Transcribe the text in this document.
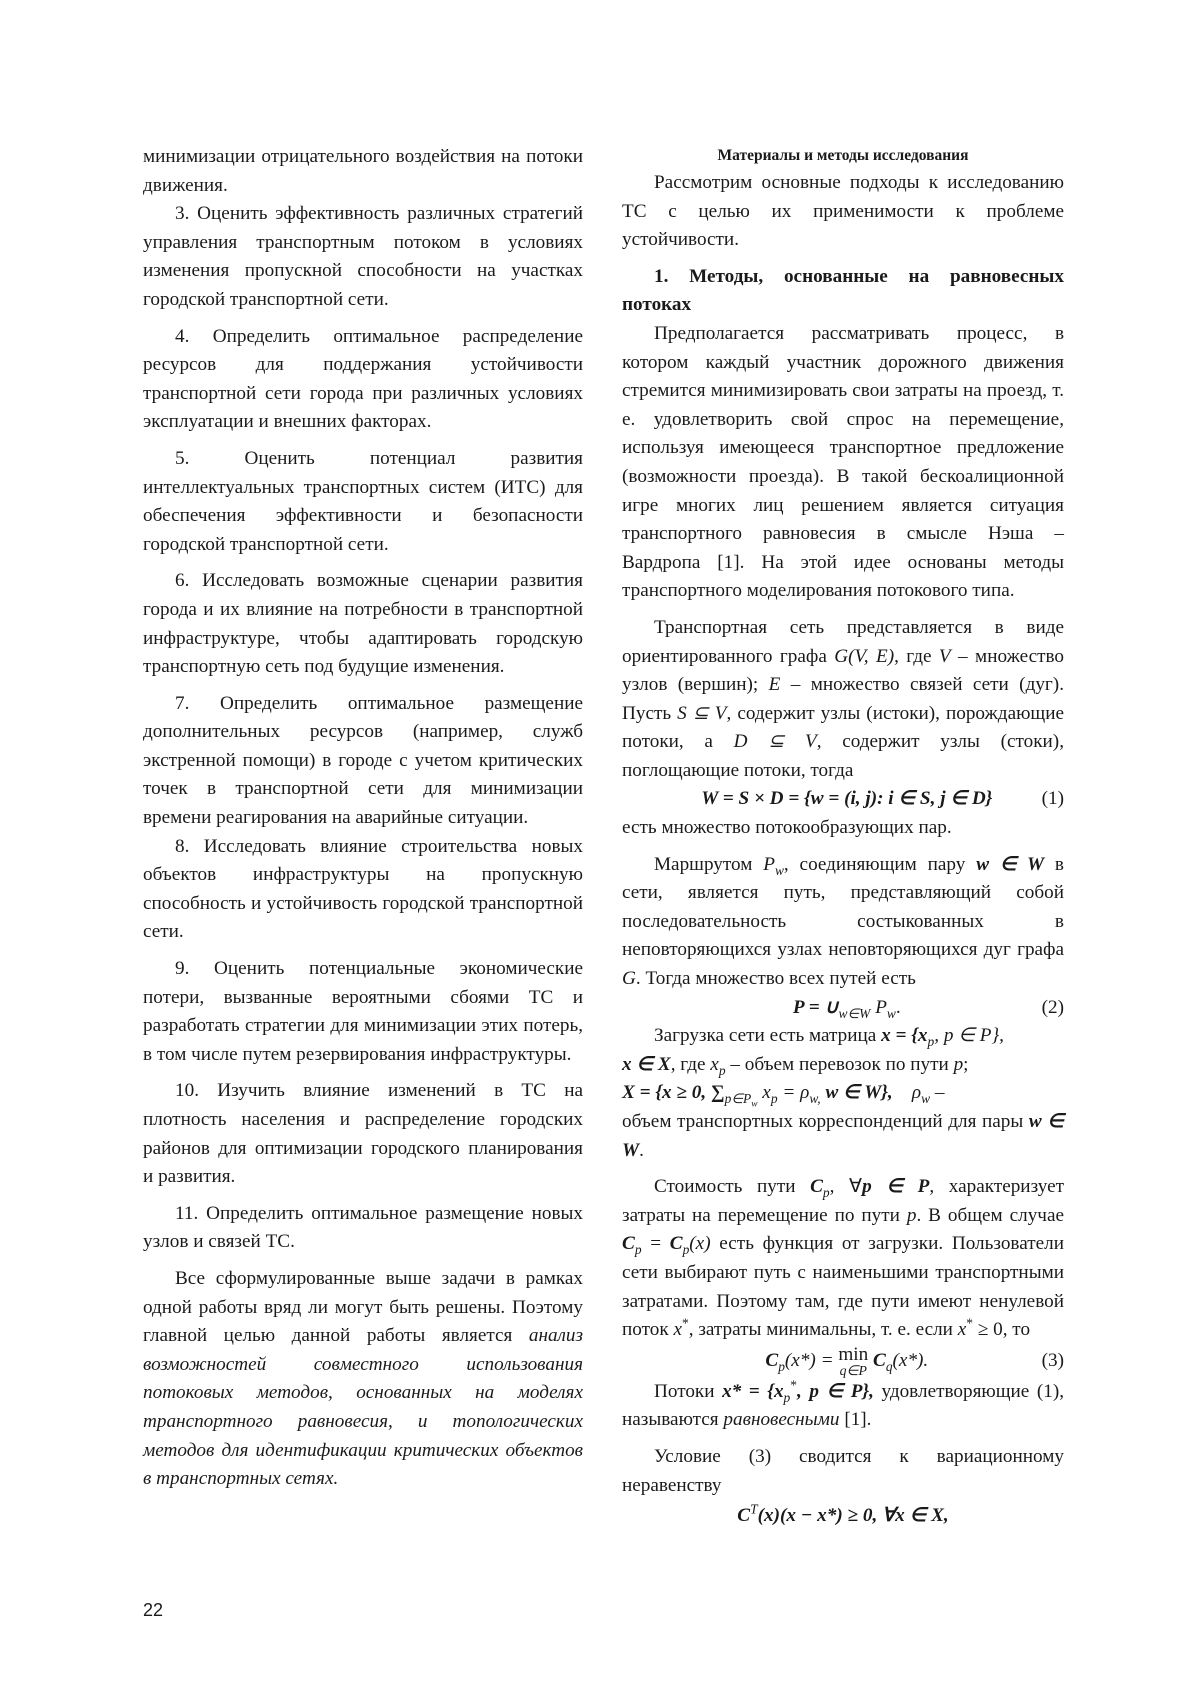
минимизации отрицательного воздействия на потоки движения.

3. Оценить эффективность различных стратегий управления транспортным потоком в условиях изменения пропускной способности на участках городской транспортной сети.

4. Определить оптимальное распределение ресурсов для поддержания устойчивости транспортной сети города при различных условиях эксплуатации и внешних факторах.

5. Оценить потенциал развития интеллектуальных транспортных систем (ИТС) для обеспечения эффективности и безопасности городской транспортной сети.

6. Исследовать возможные сценарии развития города и их влияние на потребности в транспортной инфраструктуре, чтобы адаптировать городскую транспортную сеть под будущие изменения.

7. Определить оптимальное размещение дополнительных ресурсов (например, служб экстренной помощи) в городе с учетом критических точек в транспортной сети для минимизации времени реагирования на аварийные ситуации.

8. Исследовать влияние строительства новых объектов инфраструктуры на пропускную способность и устойчивость городской транспортной сети.

9. Оценить потенциальные экономические потери, вызванные вероятными сбоями ТС и разработать стратегии для минимизации этих потерь, в том числе путем резервирования инфраструктуры.

10. Изучить влияние изменений в ТС на плотность населения и распределение городских районов для оптимизации городского планирования и развития.

11. Определить оптимальное размещение новых узлов и связей ТС.

Все сформулированные выше задачи в рамках одной работы вряд ли могут быть решены. Поэтому главной целью данной работы является анализ возможностей совместного использования потоковых методов, основанных на моделях транспортного равновесия, и топологических методов для идентификации критических объектов в транспортных сетях.

Материалы и методы исследования

Рассмотрим основные подходы к исследованию ТС с целью их применимости к проблеме устойчивости.

1. Методы, основанные на равновесных потоках

Предполагается рассматривать процесс, в котором каждый участник дорожного движения стремится минимизировать свои затраты на проезд, т. е. удовлетворить свой спрос на перемещение, используя имеющееся транспортное предложение (возможности проезда). В такой бескоалиционной игре многих лиц решением является ситуация транспортного равновесия в смысле Нэша – Вардропа [1]. На этой идее основаны методы транспортного моделирования потокового типа.

Транспортная сеть представляется в виде ориентированного графа G(V, E), где V – множество узлов (вершин); E – множество связей сети (дуг). Пусть S ⊆ V, содержит узлы (истоки), порождающие потоки, а D ⊆ V, содержит узлы (стоки), поглощающие потоки, тогда

W = S × D = {w = (i, j): i ∈ S, j ∈ D}	(1)

есть множество потокообразующих пар.

Маршрутом $P_w$, соединяющим пару w ∈ W в сети, является путь, представляющий собой последовательность состыкованных в неповторяющихся узлах неповторяющихся дуг графа G. Тогда множество всех путей есть

$P = \cup_{w\in W}$ $P_w$.	(2)

Загрузка сети есть матрица $x = \{x_p$, p ∈ P},
x ∈ X, где $x_p$ – объем перевозок по пути p;
X = {x ≥ 0, $\sum_{p\in P_w}$ $x_p = \rho_{w,}$ w ∈ W}, $\rho_w$ –
объем транспортных корреспонденций для пары w ∈ W.

Стоимость пути $C_p$, ∀p ∈ P, характеризует затраты на перемещение по пути p. В общем случае $C_p = C_p(x)$ есть функция от загрузки. Пользователи сети выбирают путь с наименьшими транспортными затратами. Поэтому там, где пути имеют ненулевой поток x*, затраты минимальны, т. е. если x* ≥ 0, то

$C_p(x*) = \min$
q∈P $C_q(x*)$.	(3)

Потоки $x* = \{x_p^*$, p ∈ P}, удовлетворяющие (1), называются равновесными [1].

Условие (3) сводится к вариационному неравенству

$C^T(x)(x - x*) \ge 0$, ∀x ∈ X,
22
